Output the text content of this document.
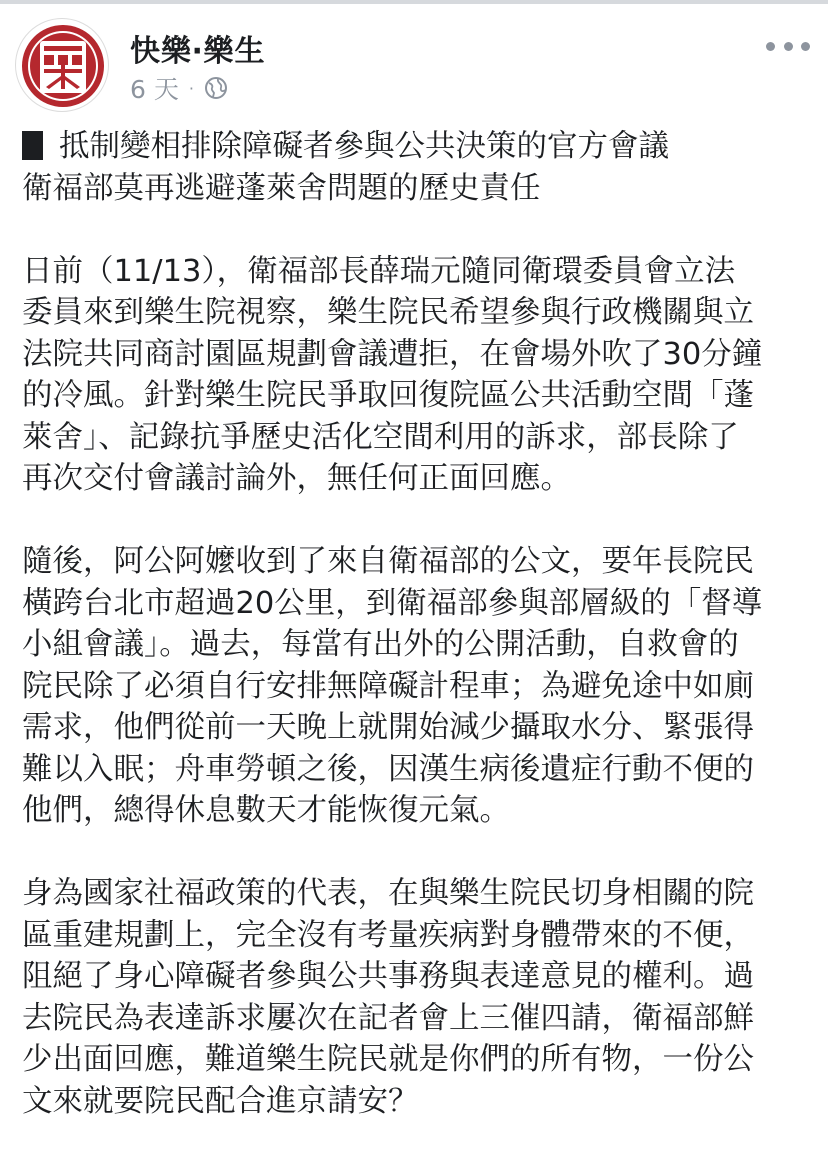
快樂‧樂生
6 天 ·

抵制變相排除障礙者參與公共決策的官方會議

衛福部莫再逃避蓬萊舍問題的歷史責任

日前（11/13），衛福部長薛瑞元隨同衛環委員會立法
委員來到樂生院視察，樂生院民希望參與行政機關與立
法院共同商討園區規劃會議遭拒，在會場外吹了30分鐘
的冷風。針對樂生院民爭取回復院區公共活動空間「蓬
萊舍」、記錄抗爭歷史活化空間利用的訴求，部長除了
再次交付會議討論外，無任何正面回應。

隨後，阿公阿嬤收到了來自衛福部的公文，要年長院民
橫跨台北市超過20公里，到衛福部參與部層級的「督導
小組會議」。過去，每當有出外的公開活動，自救會的
院民除了必須自行安排無障礙計程車；為避免途中如廁
需求，他們從前一天晚上就開始減少攝取水分、緊張得
難以入眠；舟車勞頓之後，因漢生病後遺症行動不便的
他們，總得休息數天才能恢復元氣。

身為國家社福政策的代表，在與樂生院民切身相關的院
區重建規劃上，完全沒有考量疾病對身體帶來的不便，
阻絕了身心障礙者參與公共事務與表達意見的權利。過
去院民為表達訴求屢次在記者會上三催四請，衛福部鮮
少出面回應，難道樂生院民就是你們的所有物，一份公
文來就要院民配合進京請安？
